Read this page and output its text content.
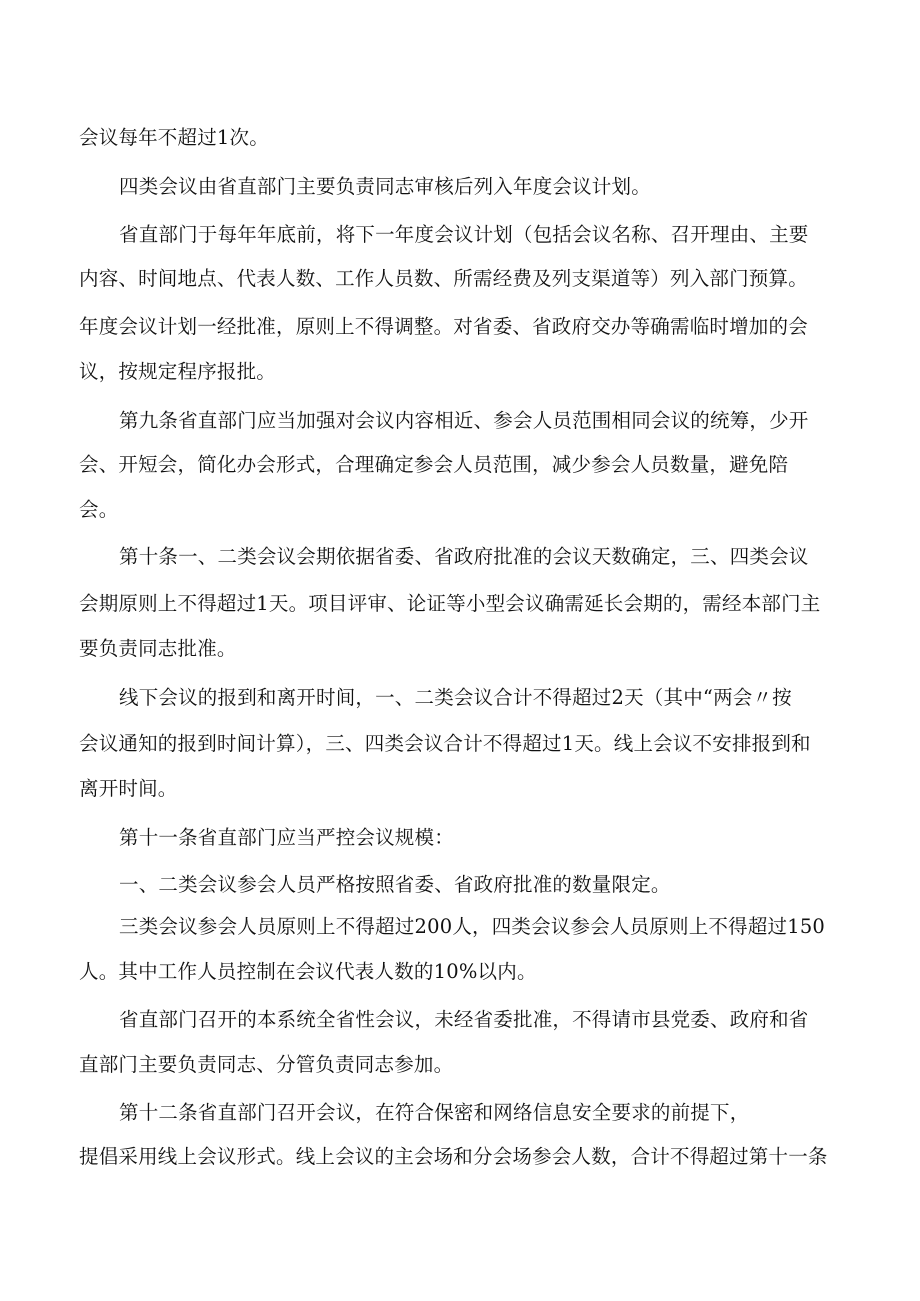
会议每年不超过1次。
四类会议由省直部门主要负责同志审核后列入年度会议计划。
省直部门于每年年底前，将下一年度会议计划（包括会议名称、召开理由、主要
内容、时间地点、代表人数、工作人员数、所需经费及列支渠道等）列入部门预算。
年度会议计划一经批准，原则上不得调整。对省委、省政府交办等确需临时增加的会
议，按规定程序报批。
第九条省直部门应当加强对会议内容相近、参会人员范围相同会议的统筹，少开
会、开短会，简化办会形式，合理确定参会人员范围，减少参会人员数量，避免陪
会。
第十条一、二类会议会期依据省委、省政府批准的会议天数确定，三、四类会议
会期原则上不得超过1天。项目评审、论证等小型会议确需延长会期的，需经本部门主
要负责同志批准。
线下会议的报到和离开时间，一、二类会议合计不得超过2天（其中“两会〃按
会议通知的报到时间计算），三、四类会议合计不得超过1天。线上会议不安排报到和
离开时间。
第十一条省直部门应当严控会议规模：
一、二类会议参会人员严格按照省委、省政府批准的数量限定。
三类会议参会人员原则上不得超过200人，四类会议参会人员原则上不得超过150
人。其中工作人员控制在会议代表人数的10%以内。
省直部门召开的本系统全省性会议，未经省委批准，不得请市县党委、政府和省
直部门主要负责同志、分管负责同志参加。
第十二条省直部门召开会议，在符合保密和网络信息安全要求的前提下，
提倡采用线上会议形式。线上会议的主会场和分会场参会人数，合计不得超过第十一条
